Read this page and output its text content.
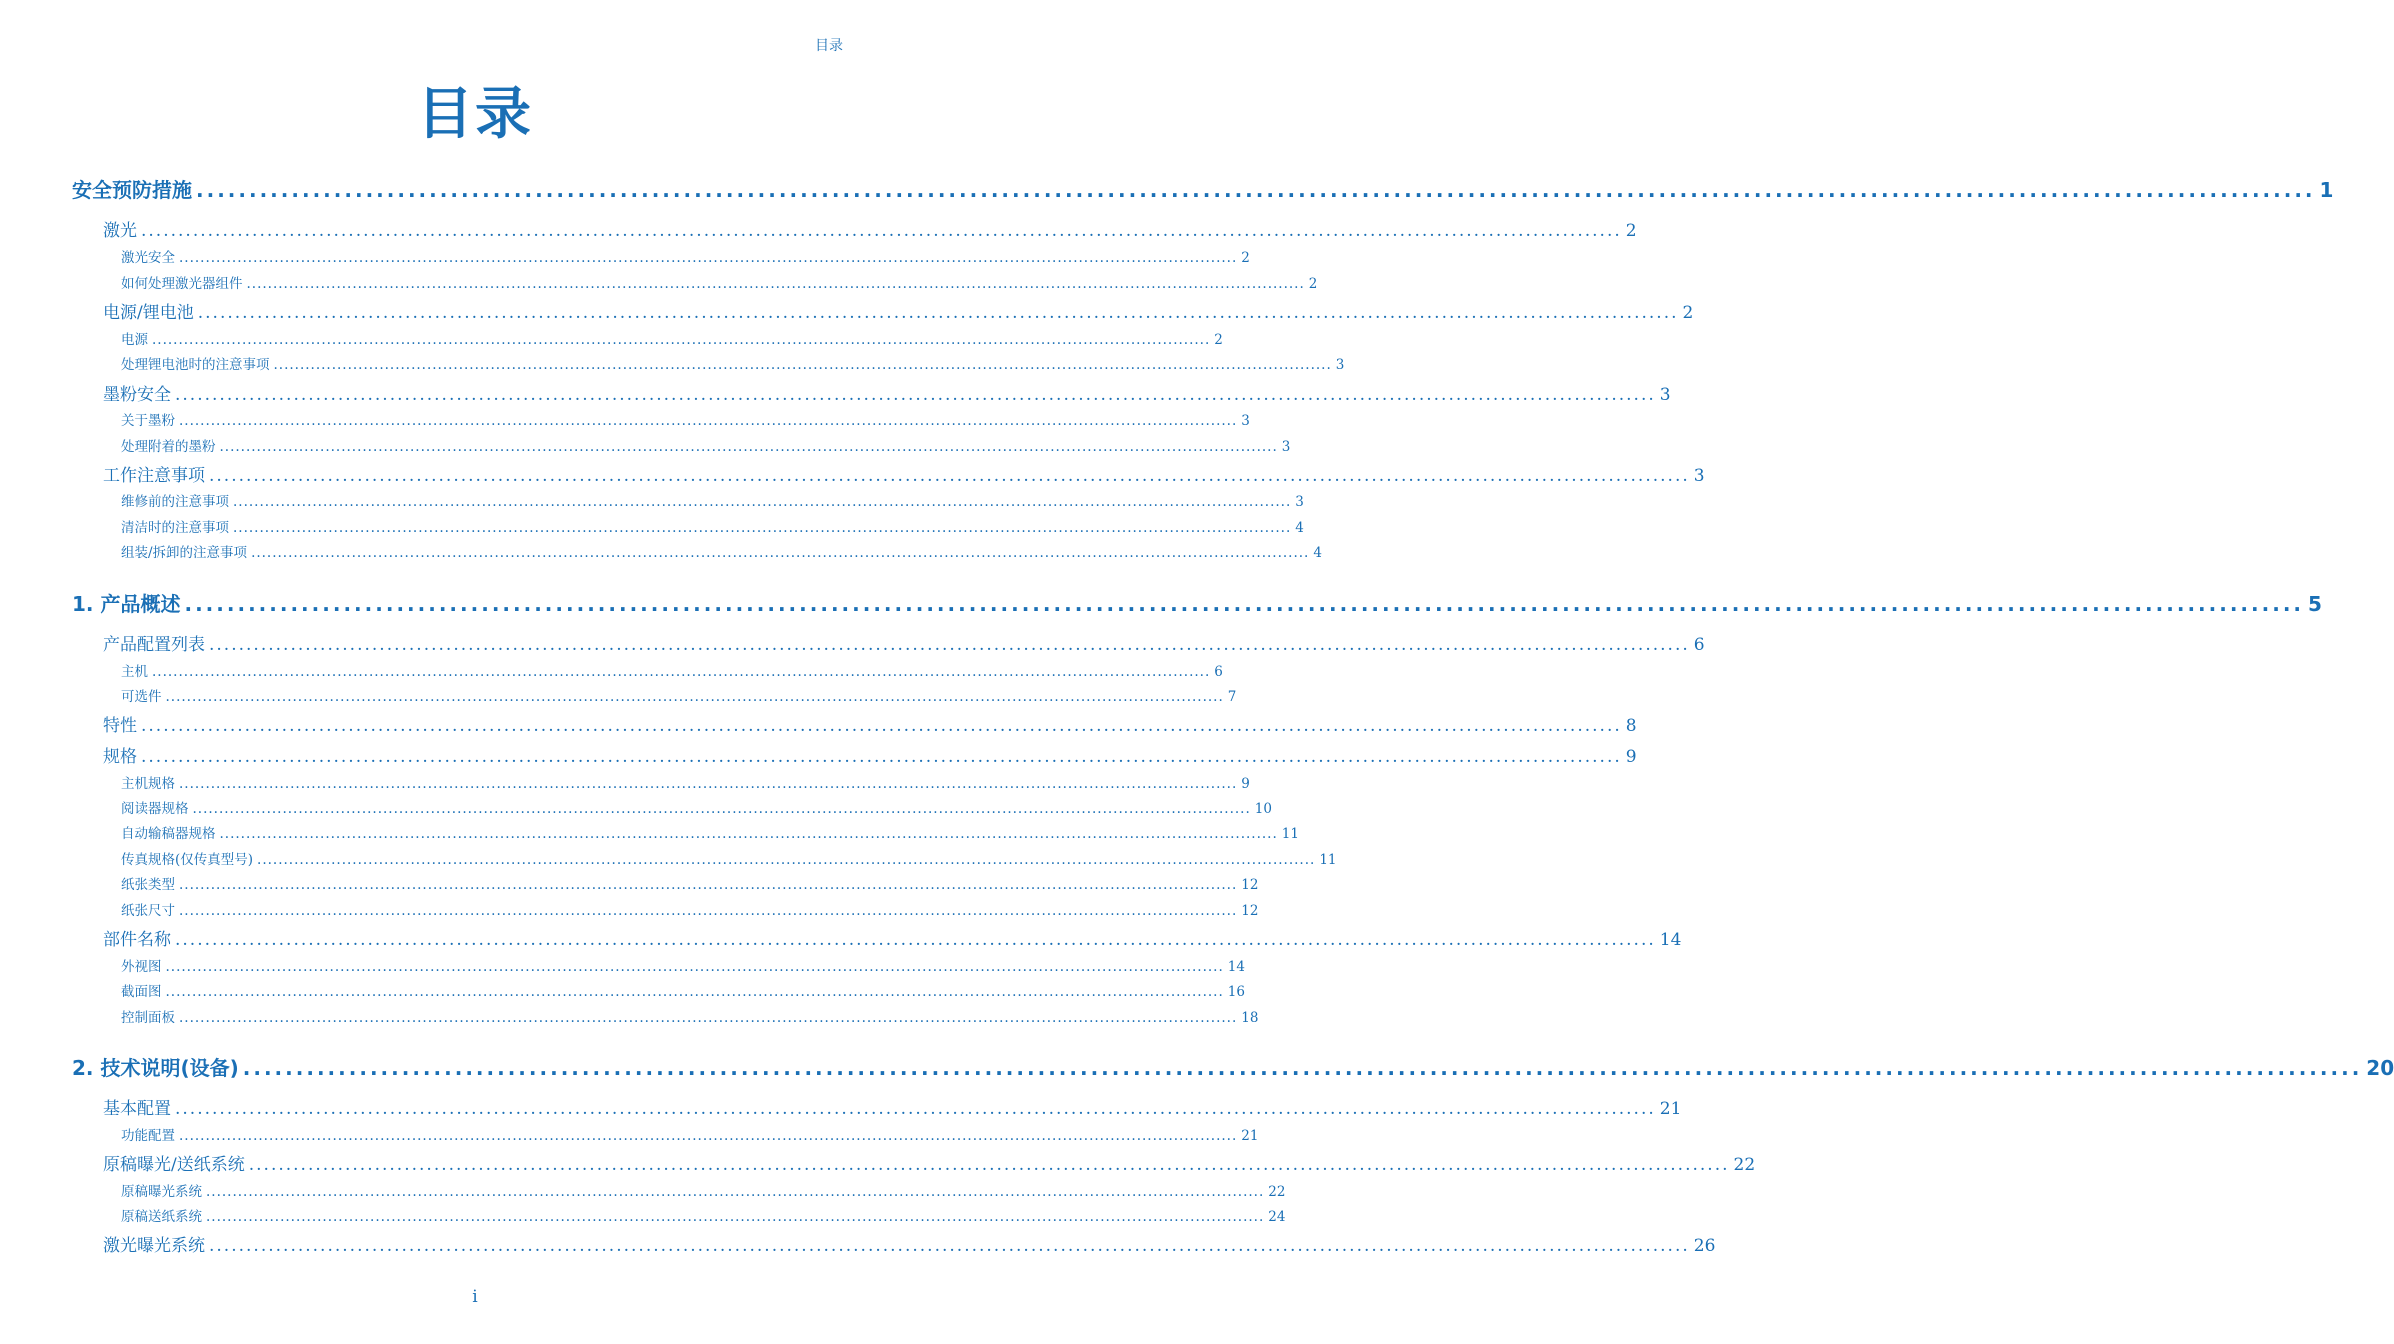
目录
目录
安全预防措施 ........................................................................................................................................................................................................ 1
激光 ........................................................................................................................................................................................................ 2
激光安全 ........................................................................................................................................................................................................ 2
如何处理激光器组件 ........................................................................................................................................................................................................ 2
电源/锂电池 ........................................................................................................................................................................................................ 2
电源 ........................................................................................................................................................................................................ 2
处理锂电池时的注意事项 ........................................................................................................................................................................................................ 3
墨粉安全 ........................................................................................................................................................................................................ 3
关于墨粉 ........................................................................................................................................................................................................ 3
处理附着的墨粉 ........................................................................................................................................................................................................ 3
工作注意事项 ........................................................................................................................................................................................................ 3
维修前的注意事项 ........................................................................................................................................................................................................ 3
清洁时的注意事项 ........................................................................................................................................................................................................ 4
组装/拆卸的注意事项 ........................................................................................................................................................................................................ 4
1. 产品概述 ........................................................................................................................................................................................................ 5
产品配置列表 ........................................................................................................................................................................................................ 6
主机 ........................................................................................................................................................................................................ 6
可选件 ........................................................................................................................................................................................................ 7
特性 ........................................................................................................................................................................................................ 8
规格 ........................................................................................................................................................................................................ 9
主机规格 ........................................................................................................................................................................................................ 9
阅读器规格 ........................................................................................................................................................................................................ 10
自动输稿器规格 ........................................................................................................................................................................................................ 11
传真规格(仅传真型号) ........................................................................................................................................................................................................ 11
纸张类型 ........................................................................................................................................................................................................ 12
纸张尺寸 ........................................................................................................................................................................................................ 12
部件名称 ........................................................................................................................................................................................................ 14
外视图 ........................................................................................................................................................................................................ 14
截面图 ........................................................................................................................................................................................................ 16
控制面板 ........................................................................................................................................................................................................ 18
2. 技术说明(设备) ........................................................................................................................................................................................................ 20
基本配置 ........................................................................................................................................................................................................ 21
功能配置 ........................................................................................................................................................................................................ 21
原稿曝光/送纸系统 ........................................................................................................................................................................................................ 22
原稿曝光系统 ........................................................................................................................................................................................................ 22
原稿送纸系统 ........................................................................................................................................................................................................ 24
激光曝光系统 ........................................................................................................................................................................................................ 26
i
